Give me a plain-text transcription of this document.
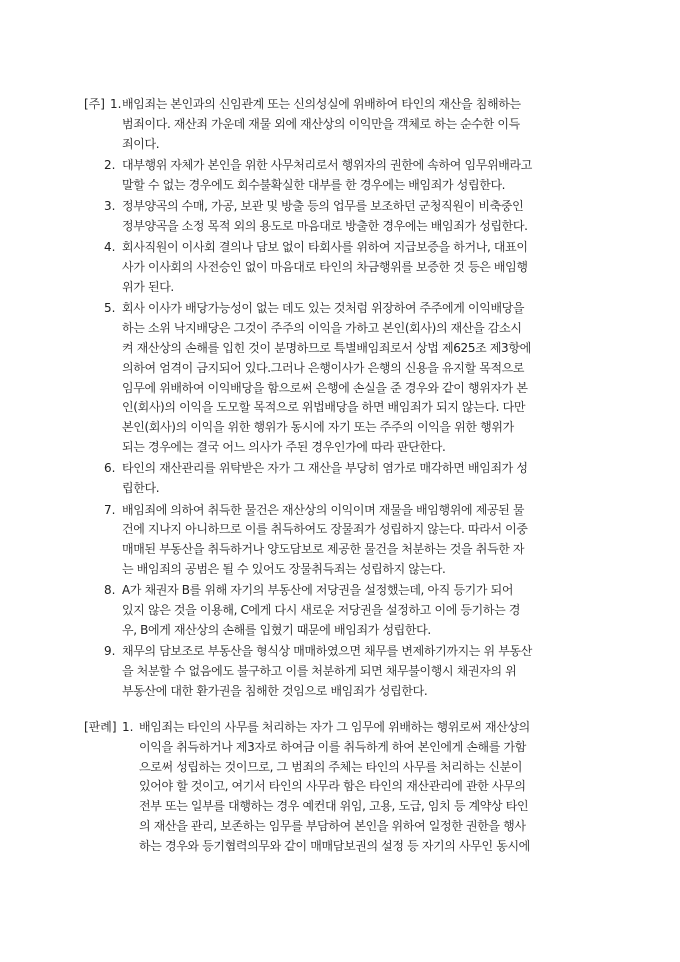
[주] 1. 배임죄는 본인과의 신임관계 또는 신의성실에 위배하여 타인의 재산을 침해하는
범죄이다. 재산죄 가운데 재물 외에 재산상의 이익만을 객체로 하는 순수한 이득
죄이다.
2. 대부행위 자체가 본인을 위한 사무처리로서 행위자의 권한에 속하여 임무위배라고
말할 수 없는 경우에도 회수불확실한 대부를 한 경우에는 배임죄가 성립한다.
3. 정부양곡의 수매, 가공, 보관 및 방출 등의 업무를 보조하던 군청직원이 비축중인
정부양곡을 소정 목적 외의 용도로 마음대로 방출한 경우에는 배임죄가 성립한다.
4. 회사직원이 이사회 결의나 담보 없이 타회사를 위하여 지급보증을 하거나, 대표이
사가 이사회의 사전승인 없이 마음대로 타인의 차금행위를 보증한 것 등은 배임행
위가 된다.
5. 회사 이사가 배당가능성이 없는 데도 있는 것처럼 위장하여 주주에게 이익배당을
하는 소위 낙지배당은 그것이 주주의 이익을 가하고 본인(회사)의 재산을 감소시
켜 재산상의 손해를 입힌 것이 분명하므로 특별배임죄로서 상법 제625조 제3항에
의하여 엄격이 금지되어 있다.그러나 은행이사가 은행의 신용을 유지할 목적으로
임무에 위배하여 이익배당을 함으로써 은행에 손실을 준 경우와 같이 행위자가 본
인(회사)의 이익을 도모할 목적으로 위법배당을 하면 배임죄가 되지 않는다. 다만
본인(회사)의 이익을 위한 행위가 동시에 자기 또는 주주의 이익을 위한 행위가
되는 경우에는 결국 어느 의사가 주된 경우인가에 따라 판단한다.
6. 타인의 재산관리를 위탁받은 자가 그 재산을 부당히 염가로 매각하면 배임죄가 성
립한다.
7. 배임죄에 의하여 취득한 물건은 재산상의 이익이며 재물을 배임행위에 제공된 물
건에 지나지 아니하므로 이를 취득하여도 장물죄가 성립하지 않는다. 따라서 이중
매매된 부동산을 취득하거나 양도담보로 제공한 물건을 처분하는 것을 취득한 자
는 배임죄의 공범은 될 수 있어도 장물취득죄는 성립하지 않는다.
8. A가 채권자 B를 위해 자기의 부동산에 저당권을 설정했는데, 아직 등기가 되어
있지 않은 것을 이용해, C에게 다시 새로운 저당권을 설정하고 이에 등기하는 경
우, B에게 재산상의 손해를 입혔기 때문에 배임죄가 성립한다.
9. 채무의 담보조로 부동산을 형식상 매매하였으면 채무를 변제하기까지는 위 부동산
을 처분할 수 없음에도 불구하고 이를 처분하게 되면 채무불이행시 채권자의 위
부동산에 대한 환가권을 침해한 것임으로 배임죄가 성립한다.
[판례] 1. 배임죄는 타인의 사무를 처리하는 자가 그 임무에 위배하는 행위로써 재산상의
이익을 취득하거나 제3자로 하여금 이를 취득하게 하여 본인에게 손해를 가함
으로써 성립하는 것이므로, 그 범죄의 주체는 타인의 사무를 처리하는 신분이
있어야 할 것이고, 여기서 타인의 사무라 함은 타인의 재산관리에 관한 사무의
전부 또는 일부를 대행하는 경우 예컨대 위임, 고용, 도급, 임치 등 계약상 타인
의 재산을 관리, 보존하는 임무를 부담하여 본인을 위하여 일정한 권한을 행사
하는 경우와 등기협력의무와 같이 매매담보권의 설정 등 자기의 사무인 동시에
